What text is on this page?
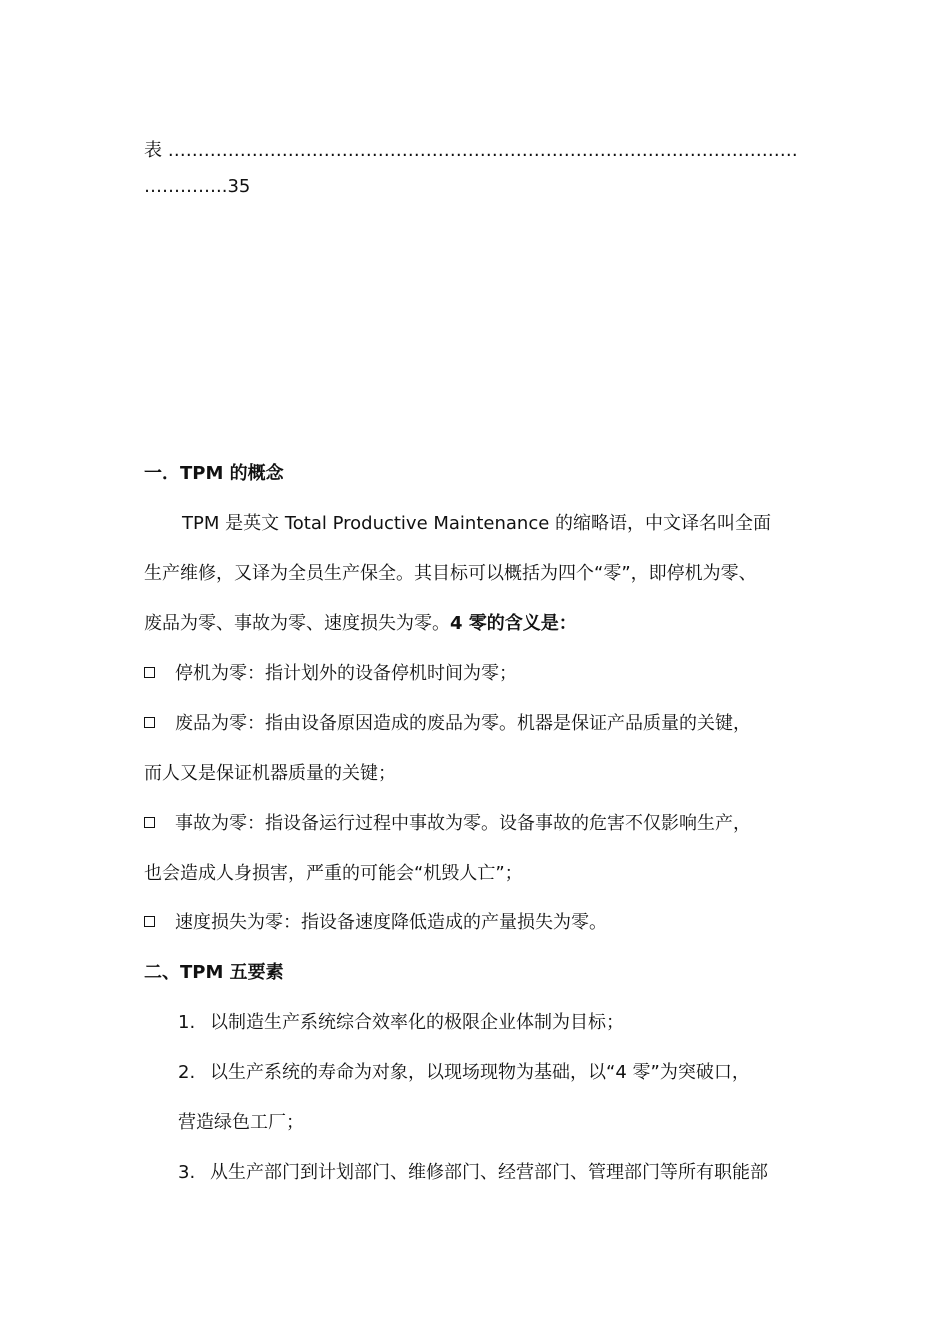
表 ……………………………………………………………………………………………
…………..35
一．TPM 的概念
TPM 是英文 Total Productive Maintenance 的缩略语，中文译名叫全面
生产维修，又译为全员生产保全。其目标可以概括为四个“零”，即停机为零、
废品为零、事故为零、速度损失为零。4 零的含义是：
停机为零：指计划外的设备停机时间为零；
废品为零：指由设备原因造成的废品为零。机器是保证产品质量的关键，
而人又是保证机器质量的关键；
事故为零：指设备运行过程中事故为零。设备事故的危害不仅影响生产，
也会造成人身损害，严重的可能会“机毁人亡”；
速度损失为零：指设备速度降低造成的产量损失为零。
二、TPM 五要素
1. 以制造生产系统综合效率化的极限企业体制为目标；
2. 以生产系统的寿命为对象，以现场现物为基础，以“4 零”为突破口，
营造绿色工厂；
3. 从生产部门到计划部门、维修部门、经营部门、管理部门等所有职能部
